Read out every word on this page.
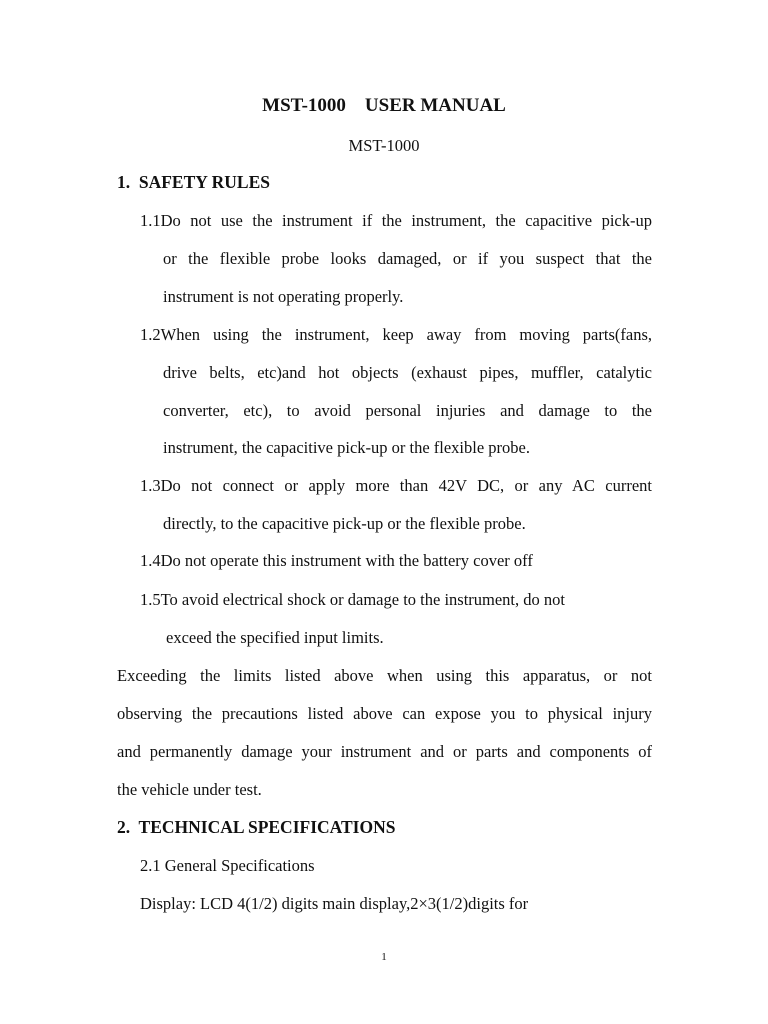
MST-1000    USER MANUAL
MST-1000
1.  SAFETY RULES
1.1Do not use the instrument if the instrument, the capacitive pick-up
or the flexible probe looks damaged, or if you suspect that the
instrument is not operating properly.
1.2When using the instrument, keep away from moving parts(fans,
drive belts, etc)and hot objects (exhaust pipes, muffler, catalytic
converter, etc), to avoid personal injuries and damage to the
instrument, the capacitive pick-up or the flexible probe.
1.3Do not connect or apply more than 42V DC, or any AC current
directly, to the capacitive pick-up or the flexible probe.
1.4Do not operate this instrument with the battery cover off
1.5To avoid electrical shock or damage to the instrument, do not
exceed the specified input limits.
Exceeding the limits listed above when using this apparatus, or not
observing the precautions listed above can expose you to physical injury
and permanently damage your instrument and or parts and components of
the vehicle under test.
2.  TECHNICAL SPECIFICATIONS
2.1 General Specifications
Display: LCD 4(1/2) digits main display,2×3(1/2)digits for
1
